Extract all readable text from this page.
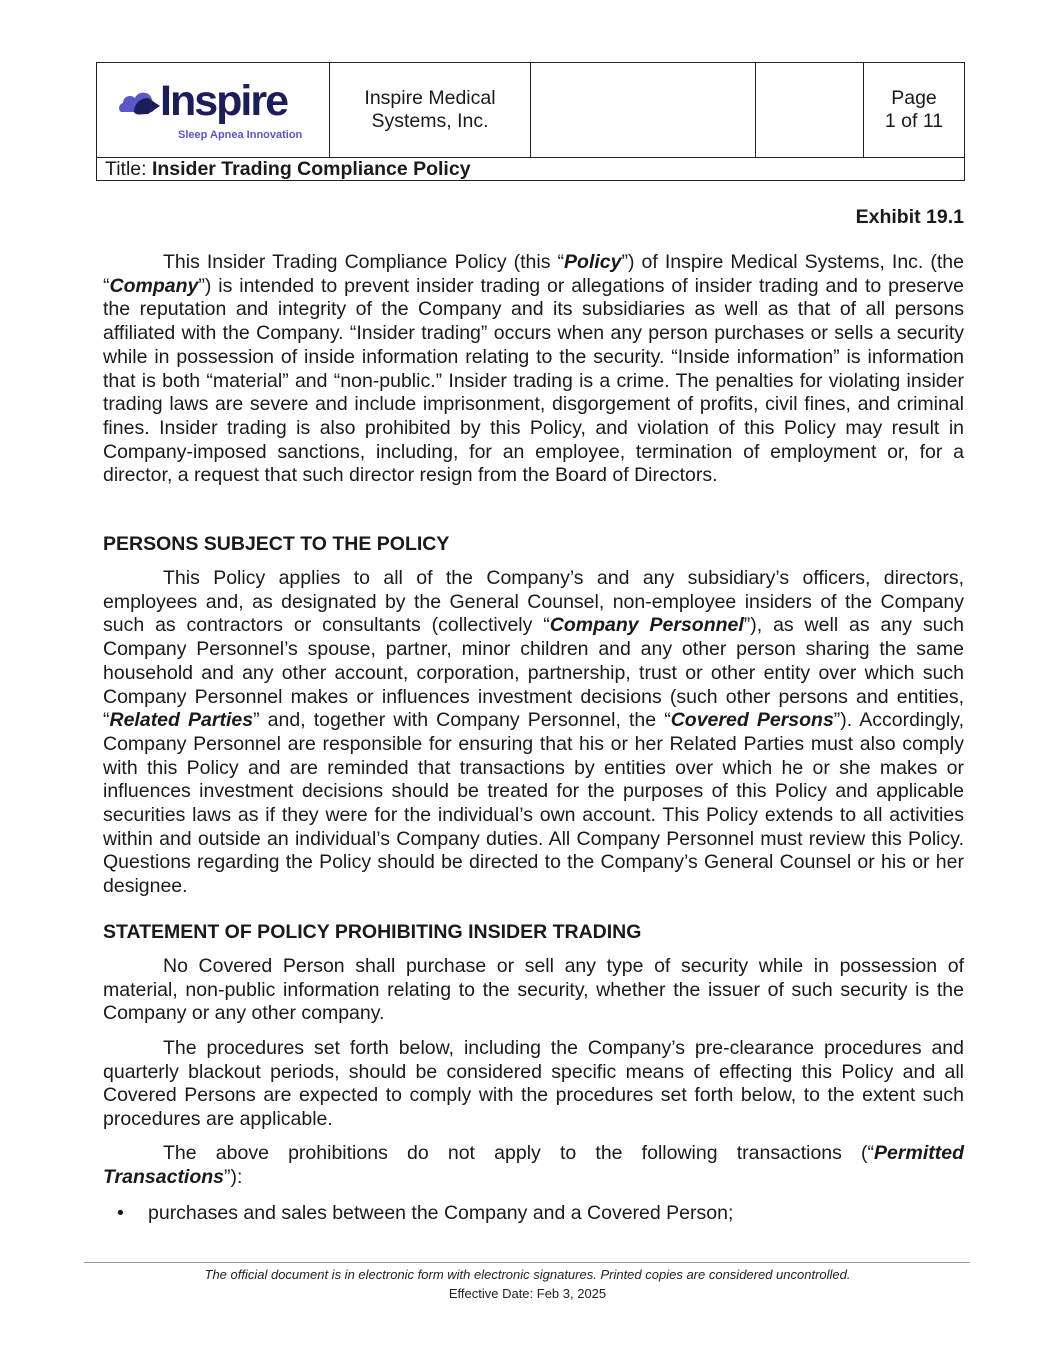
Inspire
Sleep Apnea Innovation
Inspire Medical
Systems, Inc.
Page
1 of 11
Title: Insider Trading Compliance Policy
Exhibit 19.1

This Insider Trading Compliance Policy (this “Policy”) of Inspire Medical Systems, Inc. (the “Company”) is intended to prevent insider trading or allegations of insider trading and to preserve the reputation and integrity of the Company and its subsidiaries as well as that of all persons affiliated with the Company. “Insider trading” occurs when any person purchases or sells a security while in possession of inside information relating to the security. “Inside information” is information that is both “material” and “non-public.” Insider trading is a crime. The penalties for violating insider trading laws are severe and include imprisonment, disgorgement of profits, civil fines, and criminal fines. Insider trading is also prohibited by this Policy, and violation of this Policy may result in Company-imposed sanctions, including, for an employee, termination of employment or, for a director, a request that such director resign from the Board of Directors.

PERSONS SUBJECT TO THE POLICY

This Policy applies to all of the Company’s and any subsidiary’s officers, directors, employees and, as designated by the General Counsel, non-employee insiders of the Company such as contractors or consultants (collectively “Company Personnel”), as well as any such Company Personnel’s spouse, partner, minor children and any other person sharing the same household and any other account, corporation, partnership, trust or other entity over which such Company Personnel makes or influences investment decisions (such other persons and entities, “Related Parties” and, together with Company Personnel, the “Covered Persons”). Accordingly, Company Personnel are responsible for ensuring that his or her Related Parties must also comply with this Policy and are reminded that transactions by entities over which he or she makes or influences investment decisions should be treated for the purposes of this Policy and applicable securities laws as if they were for the individual’s own account. This Policy extends to all activities within and outside an individual’s Company duties. All Company Personnel must review this Policy. Questions regarding the Policy should be directed to the Company’s General Counsel or his or her designee.

STATEMENT OF POLICY PROHIBITING INSIDER TRADING

No Covered Person shall purchase or sell any type of security while in possession of material, non-public information relating to the security, whether the issuer of such security is the Company or any other company.

The procedures set forth below, including the Company’s pre-clearance procedures and quarterly blackout periods, should be considered specific means of effecting this Policy and all Covered Persons are expected to comply with the procedures set forth below, to the extent such procedures are applicable.

The above prohibitions do not apply to the following transactions (“Permitted Transactions”):

• purchases and sales between the Company and a Covered Person;
The official document is in electronic form with electronic signatures. Printed copies are considered uncontrolled.
Effective Date: Feb 3, 2025
